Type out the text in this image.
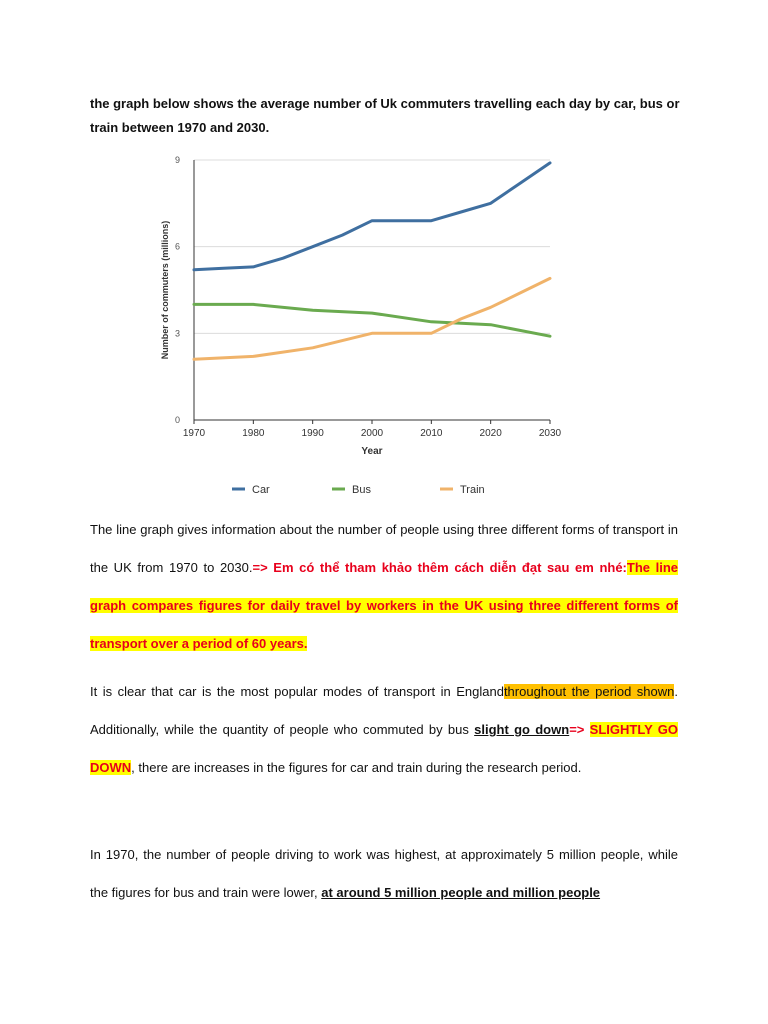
the graph below shows the average number of Uk commuters travelling each day by car, bus or train between 1970 and 2030.
0
3
6
9
1970	1980	1990	2000	2010	2020	2030
Year
Number of commuters (millions)
Car	Bus	Train
The line graph gives information about the number of people using three different forms of transport in the UK from 1970 to 2030.=> Em có thể tham khảo thêm cách diễn đạt sau em nhé:The line graph compares figures for daily travel by workers in the UK using three different forms of transport over a period of 60 years.
It is clear that car is the most popular modes of transport in Englandthroughout the period shown. Additionally, while the quantity of people who commuted by bus slight go down=> SLIGHTLY GO DOWN, there are increases in the figures for car and train during the research period.
In 1970, the number of people driving to work was highest, at approximately 5 million people, while the figures for bus and train were lower, at around 5 million people and million people
